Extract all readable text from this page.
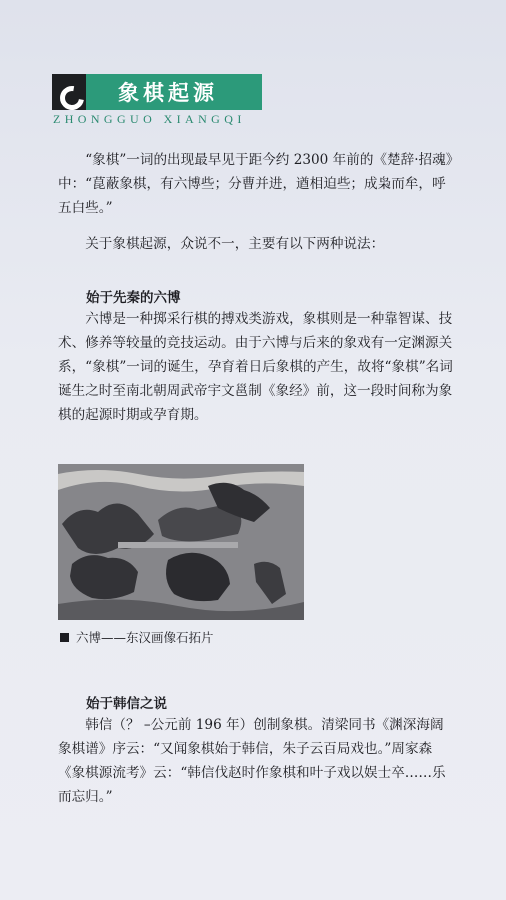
象棋起源
ZHONGGUO XIANGQI

“象棋”一词的出现最早见于距今约 2300 年前的《楚辞·招魂》中：“菎蔽象棋，有六博些；分曹并进，遒相迫些；成枭而牟，呼五白些。”

关于象棋起源，众说不一，主要有以下两种说法：

始于先秦的六博

六博是一种掷采行棋的搏戏类游戏，象棋则是一种靠智谋、技术、修养等较量的竞技运动。由于六博与后来的象戏有一定渊源关系，“象棋”一词的诞生，孕育着日后象棋的产生，故将“象棋”名词诞生之时至南北朝周武帝宇文邕制《象经》前，这一段时间称为象棋的起源时期或孕育期。

六博——东汉画像石拓片
始于韩信之说

韩信（？ –公元前 196 年）创制象棋。清梁同书《渊深海阔象棋谱》序云：“又闻象棋始于韩信，朱子云百局戏也。”周家森《象棋源流考》云：“韩信伐赵时作象棋和叶子戏以娱士卒……乐而忘归。”
